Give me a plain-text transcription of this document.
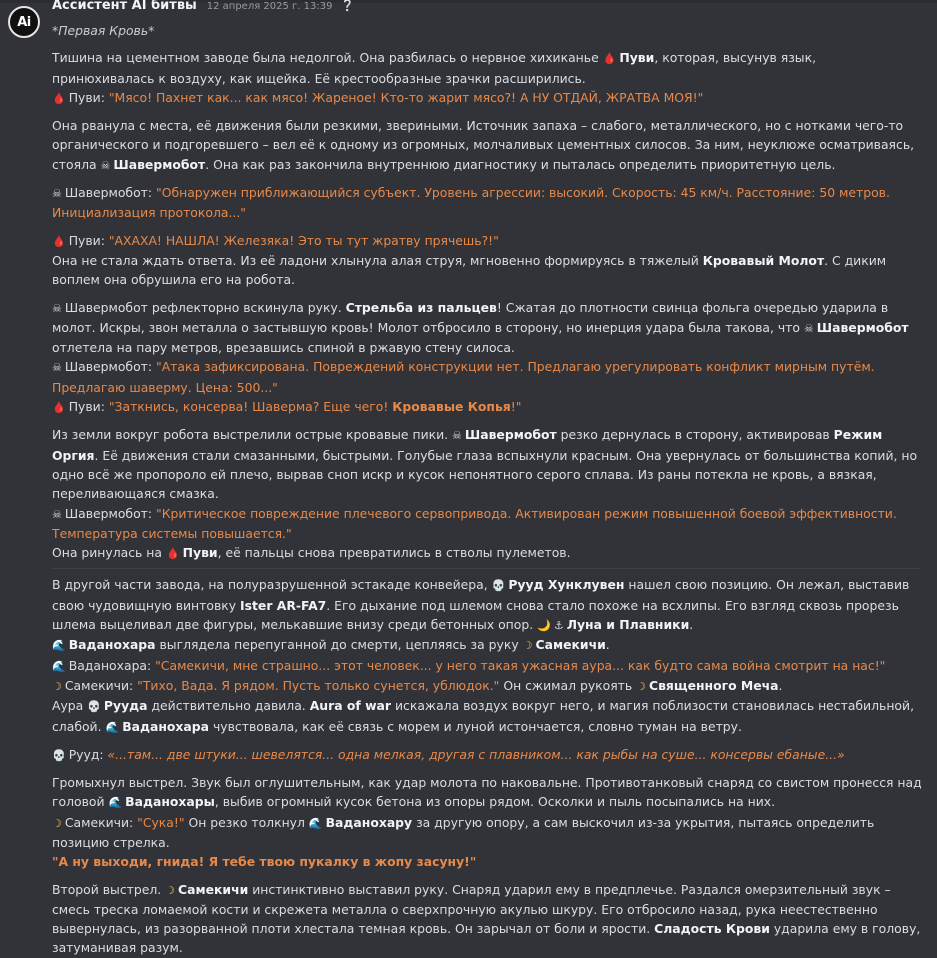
Ai
Ассистент AI битвы 12 апреля 2025 г. 13:39 ❔

*Первая Кровь*

Тишина на цементном заводе была недолгой. Она разбилась о нервное хихиканье 🩸 Пуви, которая, высунув язык, принюхивалась к воздуху, как ищейка. Её крестообразные зрачки расширились.

🩸 Пуви: "Мясо! Пахнет как... как мясо! Жареное! Кто-то жарит мясо?! А НУ ОТДАЙ, ЖРАТВА МОЯ!"

Она рванула с места, её движения были резкими, звериными. Источник запаха – слабого, металлического, но с нотками чего-то органического и подгоревшего – вел её к одному из огромных, молчаливых цементных силосов. За ним, неуклюже осматриваясь, стояла ☠ Шавермобот. Она как раз закончила внутреннюю диагностику и пыталась определить приоритетную цель.

☠ Шавермобот: "Обнаружен приближающийся субъект. Уровень агрессии: высокий. Скорость: 45 км/ч. Расстояние: 50 метров. Инициализация протокола..."

🩸 Пуви: "АХАХА! НАШЛА! Железяка! Это ты тут жратву прячешь?!"

Она не стала ждать ответа. Из её ладони хлынула алая струя, мгновенно формируясь в тяжелый Кровавый Молот. С диким воплем она обрушила его на робота.

☠ Шавермобот рефлекторно вскинула руку. Стрельба из пальцев! Сжатая до плотности свинца фольга очередью ударила в молот. Искры, звон металла о застывшую кровь! Молот отбросило в сторону, но инерция удара была такова, что ☠ Шавермобот отлетела на пару метров, врезавшись спиной в ржавую стену силоса.

☠ Шавермобот: "Атака зафиксирована. Повреждений конструкции нет. Предлагаю урегулировать конфликт мирным путём. Предлагаю шаверму. Цена: 500..."

🩸 Пуви: "Заткнись, консерва! Шаверма? Еще чего! Кровавые Копья!"

Из земли вокруг робота выстрелили острые кровавые пики. ☠ Шавермобот резко дернулась в сторону, активировав Режим Оргия. Её движения стали смазанными, быстрыми. Голубые глаза вспыхнули красным. Она увернулась от большинства копий, но одно всё же пропороло ей плечо, вырвав сноп искр и кусок непонятного серого сплава. Из раны потекла не кровь, а вязкая, переливающаяся смазка.

☠ Шавермобот: "Критическое повреждение плечевого сервопривода. Активирован режим повышенной боевой эффективности. Температура системы повышается."

Она ринулась на 🩸 Пуви, её пальцы снова превратились в стволы пулеметов.

В другой части завода, на полуразрушенной эстакаде конвейера, 💀 Рууд Хунклувен нашел свою позицию. Он лежал, выставив свою чудовищную винтовку Ister AR-FA7. Его дыхание под шлемом снова стало похоже на всхлипы. Его взгляд сквозь прорезь шлема выцеливал две фигуры, мелькавшие внизу среди бетонных опор. 🌙 ⚓ Луна и Плавники.

🌊 Ваданохара выглядела перепуганной до смерти, цепляясь за руку ☽ Самекичи.

🌊 Ваданохара: "Самекичи, мне страшно... этот человек... у него такая ужасная аура... как будто сама война смотрит на нас!"

☽ Самекичи: "Тихо, Вада. Я рядом. Пусть только сунется, ублюдок." Он сжимал рукоять ☽ Священного Меча.

Аура 💀 Рууда действительно давила. Aura of war искажала воздух вокруг него, и магия поблизости становилась нестабильной, слабой. 🌊 Ваданохара чувствовала, как её связь с морем и луной истончается, словно туман на ветру.

💀 Рууд: «...там... две штуки... шевелятся... одна мелкая, другая с плавником... как рыбы на суше... консервы ебаные...»

Громыхнул выстрел. Звук был оглушительным, как удар молота по наковальне. Противотанковый снаряд со свистом пронесся над головой 🌊 Ваданохары, выбив огромный кусок бетона из опоры рядом. Осколки и пыль посыпались на них.

☽ Самекичи: "Сука!" Он резко толкнул 🌊 Ваданохару за другую опору, а сам выскочил из-за укрытия, пытаясь определить позицию стрелка.

"А ну выходи, гнида! Я тебе твою пукалку в жопу засуну!"

Второй выстрел. ☽ Самекичи инстинктивно выставил руку. Снаряд ударил ему в предплечье. Раздался омерзительный звук – смесь треска ломаемой кости и скрежета металла о сверхпрочную акулью шкуру. Его отбросило назад, рука неестественно вывернулась, из разорванной плоти хлестала темная кровь. Он зарычал от боли и ярости. Сладость Крови ударила ему в голову, затуманивая разум.
